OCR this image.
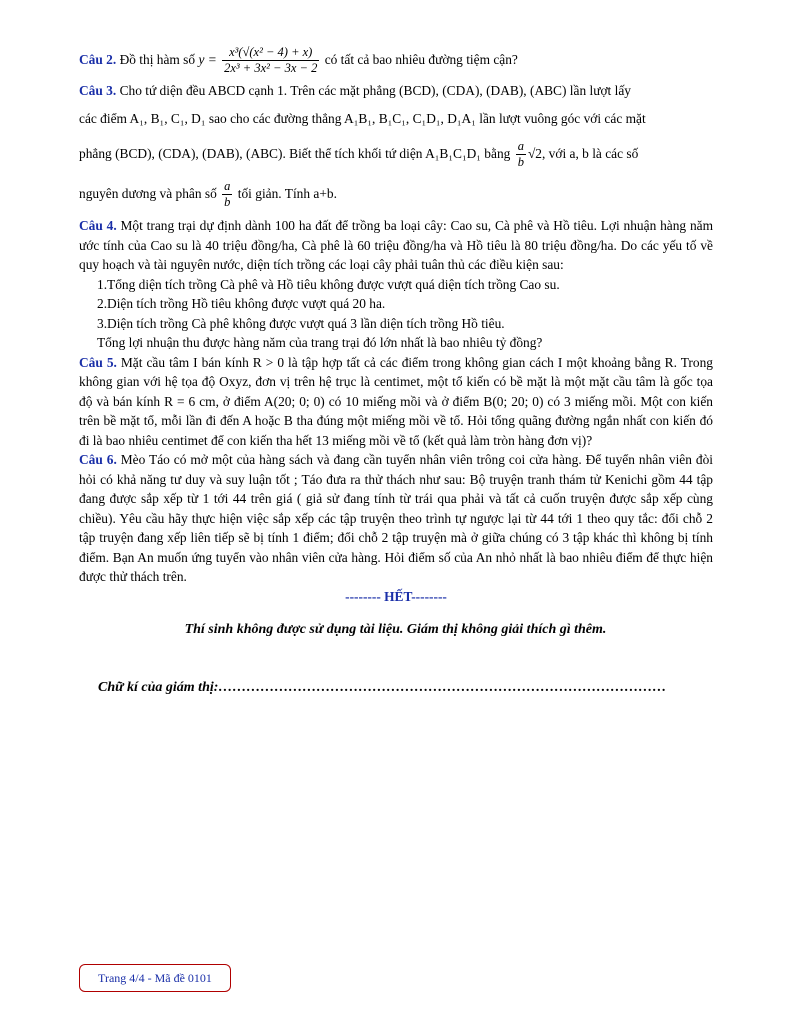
Câu 2. Đồ thị hàm số $y = \frac{\text{x³(√(x² − 4) + x)}}{\text{2x³ + 3x² − 3x − 2}}$ có tất cả bao nhiêu đường tiệm cận?

Câu 3. Cho tứ diện đều ABCD cạnh 1. Trên các mặt phẳng (BCD), (CDA), (DAB), (ABC) lần lượt lấy

các điểm A₁, B₁, C₁, D₁ sao cho các đường thẳng A₁B₁, B₁C₁, C₁D₁, D₁A₁ lần lượt vuông góc với các mặt

phẳng (BCD), (CDA), (DAB), (ABC). Biết thể tích khối tứ diện A₁B₁C₁D₁ bằng $\frac{a}{b} √2$, với a, b là các số

nguyên dương và phân số $\frac{a}{b}$ tối giản. Tính a+b.

Câu 4. Một trang trại dự định dành 100 ha đất để trồng ba loại cây: Cao su, Cà phê và Hồ tiêu. Lợi nhuận hàng năm ước tính của Cao su là 40 triệu đồng/ha, Cà phê là 60 triệu đồng/ha và Hồ tiêu là 80 triệu đồng/ha. Do các yếu tố về quy hoạch và tài nguyên nước, diện tích trồng các loại cây phải tuân thủ các điều kiện sau:

1.Tổng diện tích trồng Cà phê và Hồ tiêu không được vượt quá diện tích trồng Cao su.
2.Diện tích trồng Hồ tiêu không được vượt quá 20 ha.
3.Diện tích trồng Cà phê không được vượt quá 3 lần diện tích trồng Hồ tiêu.
Tổng lợi nhuận thu được hàng năm của trang trại đó lớn nhất là bao nhiêu tỷ đồng?

Câu 5. Mặt cầu tâm I bán kính R > 0 là tập hợp tất cả các điểm trong không gian cách I một khoảng bằng R. Trong không gian với hệ tọa độ Oxyz, đơn vị trên hệ trục là centimet, một tổ kiến có bề mặt là một mặt cầu tâm là gốc tọa độ và bán kính R = 6 cm, ở điểm A(20; 0; 0) có 10 miếng mồi và ở điểm B(0; 20; 0) có 3 miếng mồi. Một con kiến trên bề mặt tổ, mỗi lần đi đến A hoặc B tha đúng một miếng mồi về tổ. Hỏi tổng quãng đường ngắn nhất con kiến đó đi là bao nhiêu centimet để con kiến tha hết 13 miếng mồi về tổ (kết quả làm tròn hàng đơn vị)?

Câu 6. Mèo Táo có mở một của hàng sách và đang cần tuyển nhân viên trông coi cửa hàng. Để tuyển nhân viên đòi hỏi có khả năng tư duy và suy luận tốt ; Táo đưa ra thử thách như sau: Bộ truyện tranh thám tử Kenichi gồm 44 tập đang được sắp xếp từ 1 tới 44 trên giá ( giả sử đang tính từ trái qua phải và tất cả cuốn truyện được sắp xếp cùng chiều). Yêu cầu hãy thực hiện việc sắp xếp các tập truyện theo trình tự ngược lại từ 44 tới 1 theo quy tắc: đổi chỗ 2 tập truyện đang xếp liên tiếp sẽ bị tính 1 điểm; đổi chỗ 2 tập truyện mà ở giữa chúng có 3 tập khác thì không bị tính điểm. Bạn An muốn ứng tuyển vào nhân viên cửa hàng. Hỏi điểm số của An nhỏ nhất là bao nhiêu điểm để thực hiện được thử thách trên.

-------- HẾT--------
Thí sinh không được sử dụng tài liệu. Giám thị không giải thích gì thêm.
Chữ kí của giám thị:……………………………………………………………………………………
Trang 4/4 - Mã đề 0101
